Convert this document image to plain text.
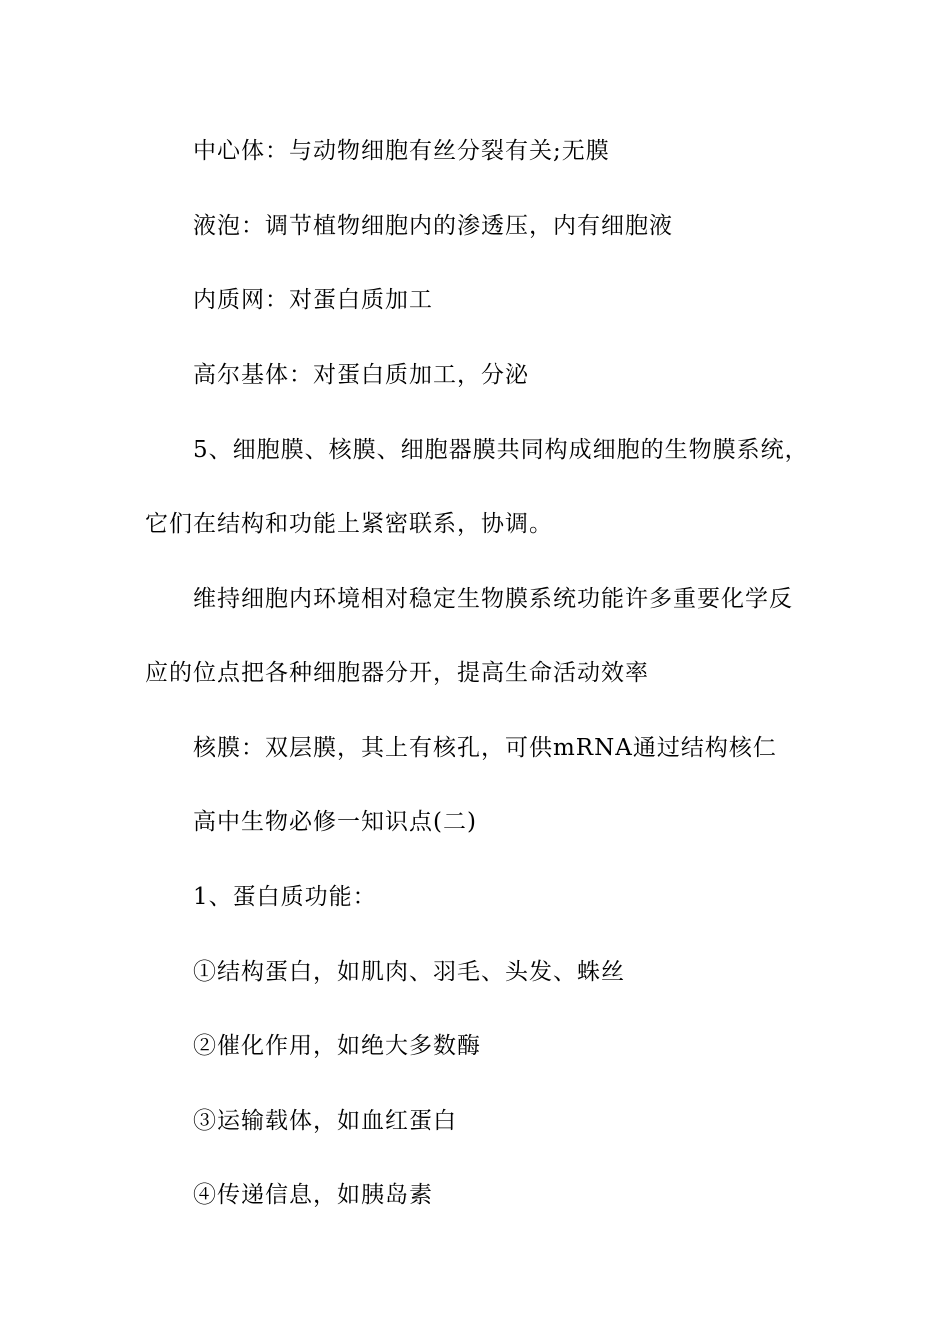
中心体：与动物细胞有丝分裂有关;无膜
液泡：调节植物细胞内的渗透压，内有细胞液
内质网：对蛋白质加工
高尔基体：对蛋白质加工，分泌
5、细胞膜、核膜、细胞器膜共同构成细胞的生物膜系统，
它们在结构和功能上紧密联系，协调。
维持细胞内环境相对稳定生物膜系统功能许多重要化学反
应的位点把各种细胞器分开，提高生命活动效率
核膜：双层膜，其上有核孔，可供mRNA通过结构核仁
高中生物必修一知识点(二)
1、蛋白质功能：
①结构蛋白，如肌肉、羽毛、头发、蛛丝
②催化作用，如绝大多数酶
③运输载体，如血红蛋白
④传递信息，如胰岛素
